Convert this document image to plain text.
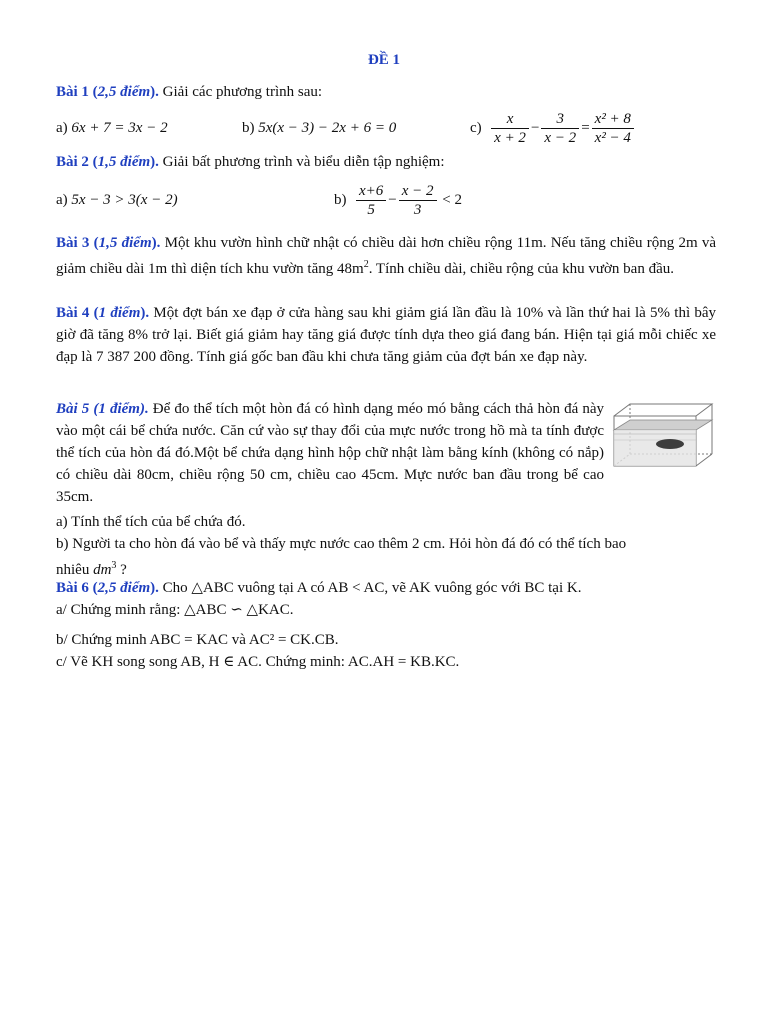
ĐỀ 1
Bài 1 (2,5 điểm). Giải các phương trình sau:
a)
6x + 7 = 3x − 2	b)
5x(x − 3) − 2x + 6 = 0	c)
$\frac{x}{x + 2} - \frac{3}{x - 2} = \frac{\text{x² + 8}}{\text{x² − 4}}$
Bài 2 (1,5 điểm). Giải bất phương trình và biểu diễn tập nghiệm:
a)
5x − 3 > 3(x − 2)	b)
$\frac{x+6}{5} - \frac{x - 2}{3}$
< 2
Bài 3 (1,5 điểm). Một khu vườn hình chữ nhật có chiều dài hơn chiều rộng 11m. Nếu tăng chiều rộng 2m và giảm chiều dài 1m thì diện tích khu vườn tăng $48m^2$. Tính chiều dài, chiều rộng của khu vườn ban đầu.
Bài 4 (1 điểm). Một đợt bán xe đạp ở cửa hàng sau khi giảm giá lần đầu là 10% và lần thứ hai là 5% thì bây giờ đã tăng 8% trở lại. Biết giá giảm hay tăng giá được tính dựa theo giá đang bán. Hiện tại giá mỗi chiếc xe đạp là 7 387 200 đồng. Tính giá gốc ban đầu khi chưa tăng giảm của đợt bán xe đạp này.
Bài 5 (1 điểm). Để đo thể tích một hòn đá có hình dạng méo mó bằng cách thả hòn đá này vào một cái bể chứa nước. Căn cứ vào sự thay đổi của mực nước trong hồ mà ta tính được thể tích của hòn đá đó.Một bể chứa dạng hình hộp chữ nhật làm bằng kính (không có nắp) có chiều dài 80cm, chiều rộng 50 cm, chiều cao 45cm. Mực nước ban đầu trong bể cao 35cm.
a) Tính thể tích của bể chứa đó.
b) Người ta cho hòn đá vào bể và thấy mực nước cao thêm 2 cm. Hỏi hòn đá đó có thể tích bao
nhiêu $dm^3$ ?
Bài 6 (2,5 điểm). Cho △ABC vuông tại A có AB < AC, vẽ AK vuông góc với BC tại K.
a/ Chứng minh rằng: △ABC ∽ △KAC.
b/ Chứng minh ABC = KAC và AC² = CK.CB.
c/ Vẽ KH song song AB, H ∈ AC. Chứng minh: AC.AH = KB.KC.
